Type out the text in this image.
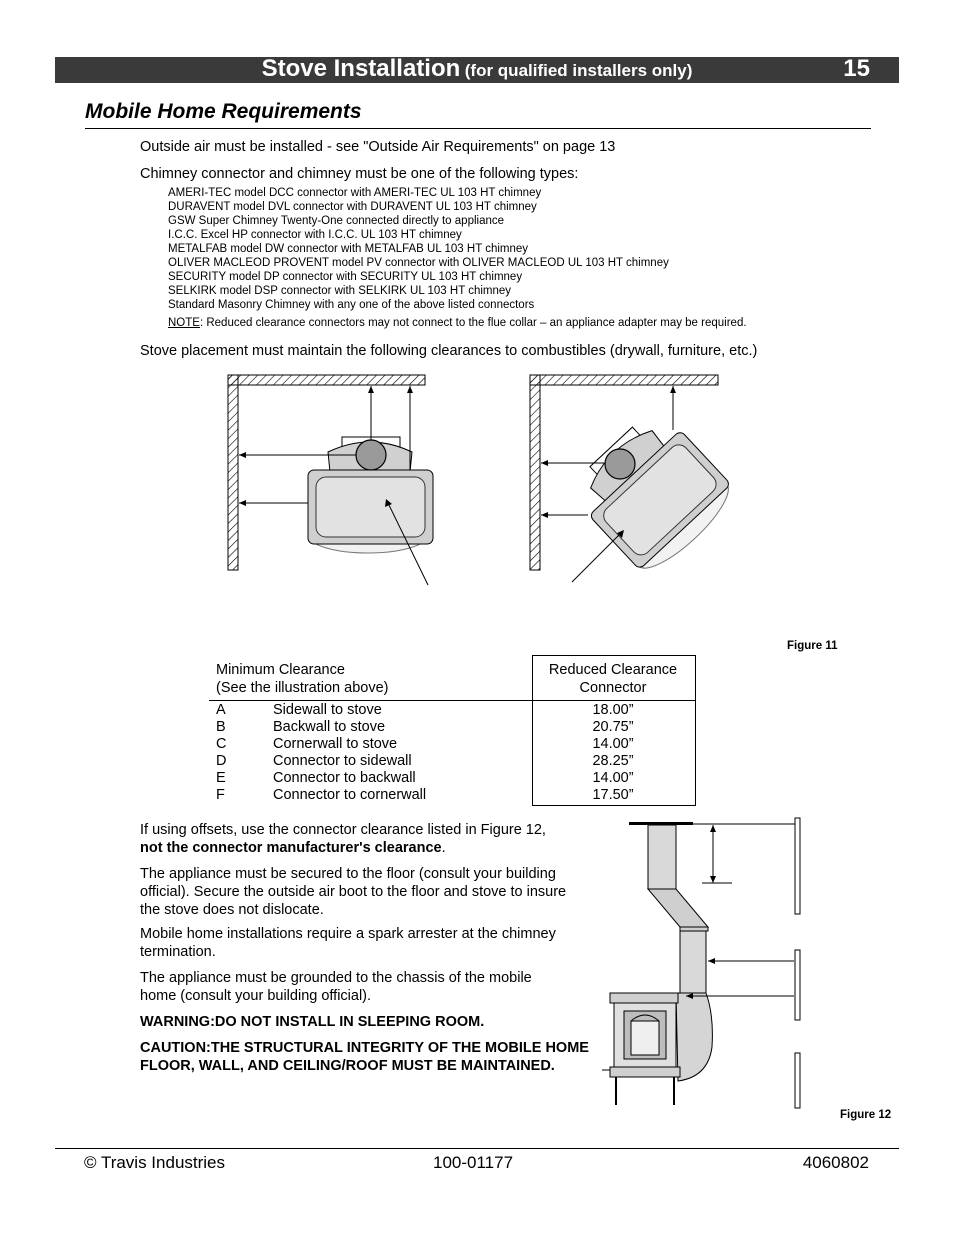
Stove Installation (for qualified installers only)	15
Mobile Home Requirements
Outside air must be installed - see "Outside Air Requirements" on page 13
Chimney connector and chimney must be one of the following types:
AMERI-TEC model DCC connector with AMERI-TEC UL 103 HT chimney
DURAVENT model DVL connector with DURAVENT UL 103 HT chimney
GSW Super Chimney Twenty-One connected directly to appliance
I.C.C. Excel HP connector with I.C.C. UL 103 HT chimney
METALFAB model DW connector with METALFAB UL 103 HT chimney
OLIVER MACLEOD PROVENT model PV connector with OLIVER MACLEOD UL 103 HT chimney
SECURITY model DP connector with SECURITY UL 103 HT chimney
SELKIRK model DSP connector with SELKIRK UL 103 HT chimney
Standard Masonry Chimney with any one of the above listed connectors
NOTE: Reduced clearance connectors may not connect to the flue collar – an appliance adapter may be required.
Stove placement must maintain the following clearances to combustibles (drywall, furniture, etc.)
Figure 11
Minimum Clearance
(See the illustration above)
Reduced Clearance
Connector
A	Sidewall to stove	18.00”
B	Backwall to stove	20.75”
C	Cornerwall to stove	14.00”
D	Connector to sidewall	28.25”
E	Connector to backwall	14.00”
F	Connector to cornerwall	17.50”
If using offsets, use the connector clearance listed in Figure 12,
not the connector manufacturer's clearance.
The appliance must be secured to the floor (consult your building official). Secure the outside air boot to the floor and stove to insure the stove does not dislocate.
Mobile home installations require a spark arrester at the chimney termination.
The appliance must be grounded to the chassis of the mobile home (consult your building official).
WARNING:DO NOT INSTALL IN SLEEPING ROOM.
CAUTION:THE STRUCTURAL INTEGRITY OF THE MOBILE HOME FLOOR, WALL, AND CEILING/ROOF MUST BE MAINTAINED.
Figure 12
© Travis Industries	100-01177	4060802
